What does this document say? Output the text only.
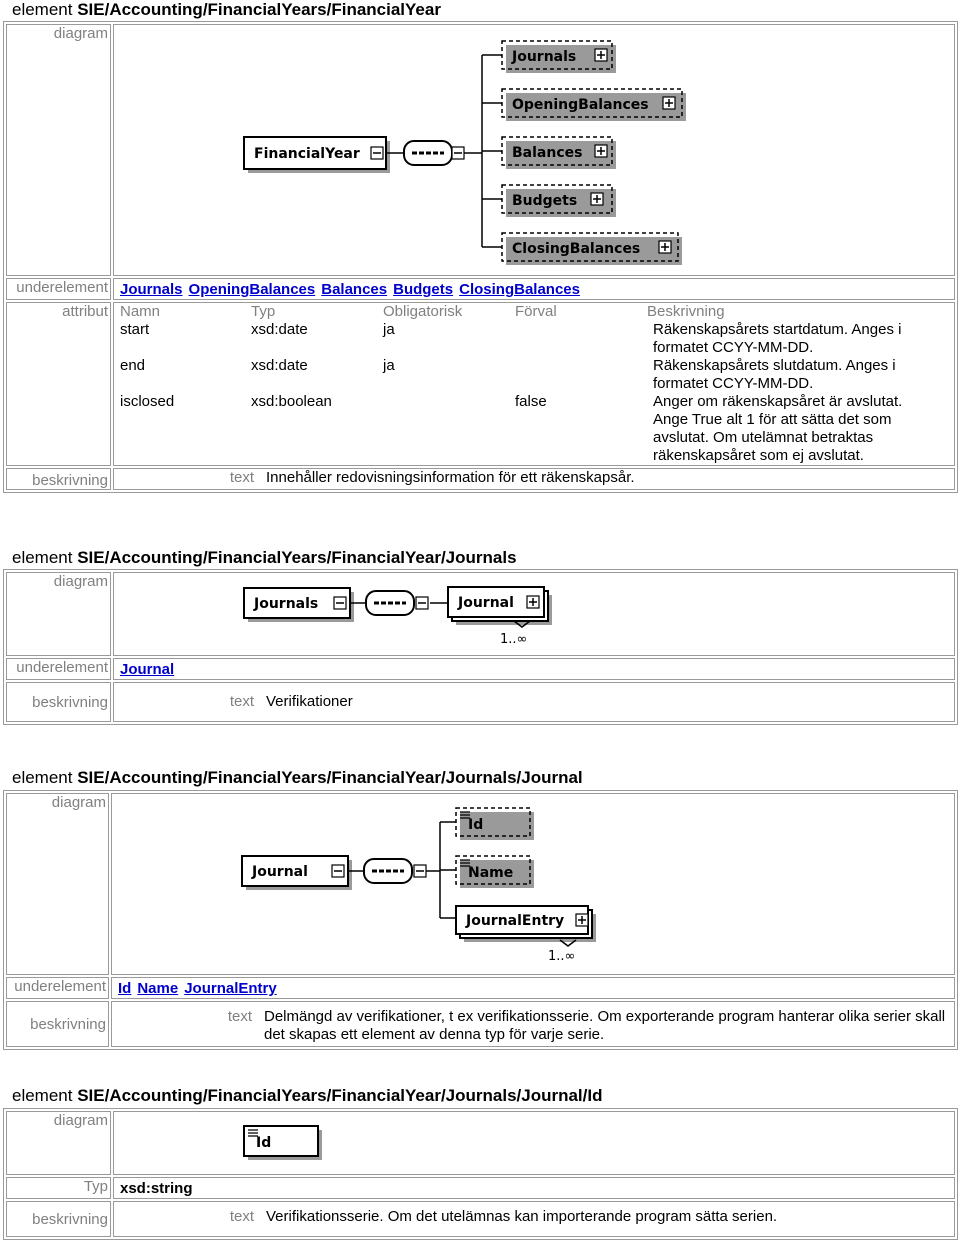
element SIE/Accounting/FinancialYears/FinancialYear
diagram	
FinancialYear
Journals
OpeningBalances
Balances
Budgets
ClosingBalances

underelement	Journals OpeningBalances Balances Budgets ClosingBalances
attribut	Namn	Typ	Obligatorisk	Förval	Beskrivning
start	xsd:date	ja		Räkenskapsårets startdatum. Anges i formatet CCYY-MM-DD.
end	xsd:date	ja		Räkenskapsårets slutdatum. Anges i formatet CCYY-MM-DD.
isclosed	xsd:boolean		false	Anger om räkenskapsåret är avslutat. Ange True alt 1 för att sätta det som avslutat. Om utelämnat betraktas räkenskapsåret som ej avslutat.

beskrivning	text Innehåller redovisningsinformation för ett räkenskapsår.
element SIE/Accounting/FinancialYears/FinancialYear/Journals
diagram	Journals Journal
1..∞

underelement	Journal
beskrivning	text Verifikationer
element SIE/Accounting/FinancialYears/FinancialYear/Journals/Journal
diagram	Journal
Id
Name
JournalEntry
1..∞

underelement	Id Name JournalEntry
beskrivning	text Delmängd av verifikationer, t ex verifikationsserie. Om exporterande program hanterar olika serier skall det skapas ett element av denna typ för varje serie.
element SIE/Accounting/FinancialYears/FinancialYear/Journals/Journal/Id
diagram	Id

Typ	xsd:string
beskrivning	text Verifikationsserie. Om det utelämnas kan importerande program sätta serien.
